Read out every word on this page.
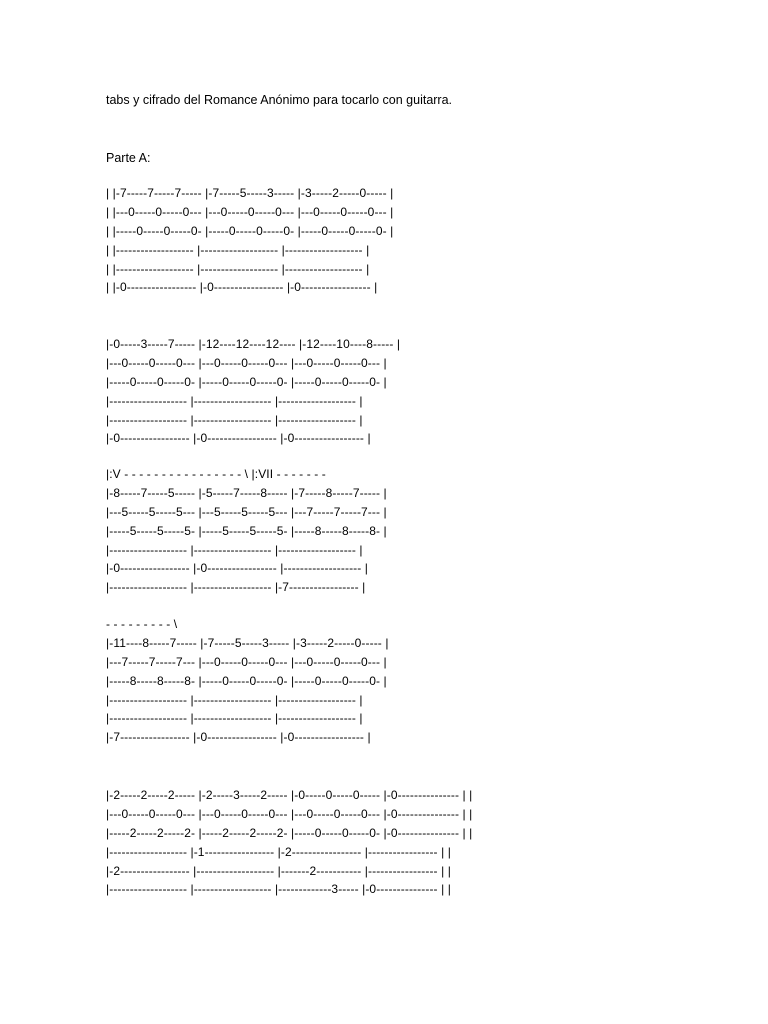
tabs y cifrado del Romance Anónimo para tocarlo con guitarra.
Parte A:
| |-7-----7-----7----- |-7-----5-----3----- |-3-----2-----0----- |
| |---0-----0-----0--- |---0-----0-----0--- |---0-----0-----0--- |
| |-----0-----0-----0- |-----0-----0-----0- |-----0-----0-----0- |
| |------------------- |------------------- |------------------- |
| |------------------- |------------------- |------------------- |
| |-0----------------- |-0----------------- |-0----------------- |
|-0-----3-----7----- |-12----12----12---- |-12----10----8----- |
|---0-----0-----0--- |---0-----0-----0--- |---0-----0-----0--- |
|-----0-----0-----0- |-----0-----0-----0- |-----0-----0-----0- |
|------------------- |------------------- |------------------- |
|------------------- |------------------- |------------------- |
|-0----------------- |-0----------------- |-0----------------- |
|:V - - - - - - - - - - - - - - - - \ |:VII - - - - - - -
|-8-----7-----5----- |-5-----7-----8----- |-7-----8-----7----- |
|---5-----5-----5--- |---5-----5-----5--- |---7-----7-----7--- |
|-----5-----5-----5- |-----5-----5-----5- |-----8-----8-----8- |
|------------------- |------------------- |------------------- |
|-0----------------- |-0----------------- |------------------- |
|------------------- |------------------- |-7----------------- |
- - - - - - - - - \
|-11----8-----7----- |-7-----5-----3----- |-3-----2-----0----- |
|---7-----7-----7--- |---0-----0-----0--- |---0-----0-----0--- |
|-----8-----8-----8- |-----0-----0-----0- |-----0-----0-----0- |
|------------------- |------------------- |------------------- |
|------------------- |------------------- |------------------- |
|-7----------------- |-0----------------- |-0----------------- |
|-2-----2-----2----- |-2-----3-----2----- |-0-----0-----0----- |-0--------------- | |
|---0-----0-----0--- |---0-----0-----0--- |---0-----0-----0--- |-0--------------- | |
|-----2-----2-----2- |-----2-----2-----2- |-----0-----0-----0- |-0--------------- | |
|------------------- |-1----------------- |-2----------------- |----------------- | |
|-2----------------- |------------------- |-------2----------- |----------------- | |
|------------------- |------------------- |-------------3----- |-0--------------- | |
